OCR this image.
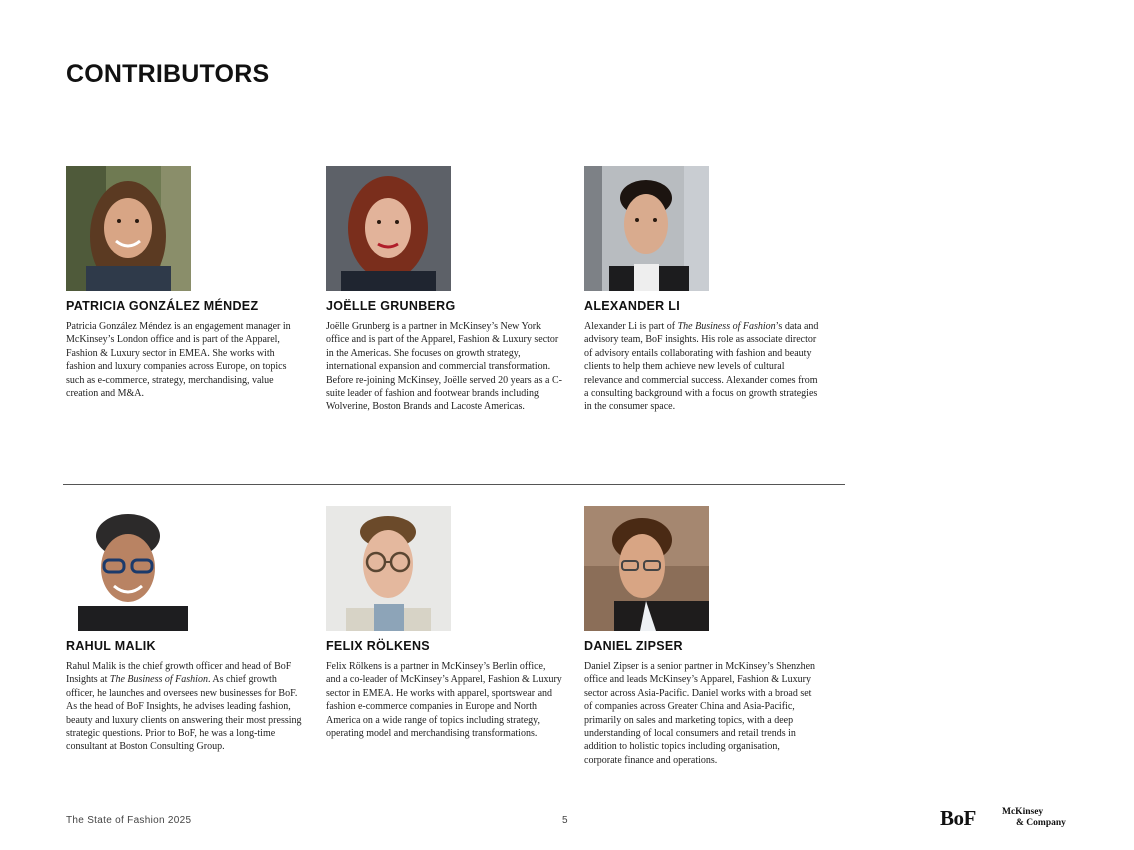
CONTRIBUTORS
PATRICIA GONZÁLEZ MÉNDEZ
Patricia González Méndez is an engagement manager in McKinsey’s London office and is part of the Apparel, Fashion & Luxury sector in EMEA. She works with fashion and luxury companies across Europe, on topics such as e-commerce, strategy, merchandising, value creation and M&A.
JOËLLE GRUNBERG
Joëlle Grunberg is a partner in McKinsey’s New York office and is part of the Apparel, Fashion & Luxury sector in the Americas. She focuses on growth strategy, international expansion and commercial transformation. Before re-joining McKinsey, Joëlle served 20 years as a C-suite leader of fashion and footwear brands including Wolverine, Boston Brands and Lacoste Americas.
ALEXANDER LI
Alexander Li is part of The Business of Fashion’s data and advisory team, BoF insights. His role as associate director of advisory entails collaborating with fashion and beauty clients to help them achieve new levels of cultural relevance and commercial success. Alexander comes from a consulting background with a focus on growth strategies in the consumer space.
RAHUL MALIK
Rahul Malik is the chief growth officer and head of BoF Insights at The Business of Fashion. As chief growth officer, he launches and oversees new businesses for BoF. As the head of BoF Insights, he advises leading fashion, beauty and luxury clients on answering their most pressing strategic questions. Prior to BoF, he was a long-time consultant at Boston Consulting Group.
FELIX RÖLKENS
Felix Rölkens is a partner in McKinsey’s Berlin office, and a co-leader of McKinsey’s Apparel, Fashion & Luxury sector in EMEA. He works with apparel, sportswear and fashion e-commerce companies in Europe and North America on a wide range of topics including strategy, operating model and merchandising transformations.
DANIEL ZIPSER
Daniel Zipser is a senior partner in McKinsey’s Shenzhen office and leads McKinsey’s Apparel, Fashion & Luxury sector across Asia-Pacific. Daniel works with a broad set of companies across Greater China and Asia-Pacific, primarily on sales and marketing topics, with a deep understanding of local consumers and retail trends in addition to holistic topics including organisation, corporate finance and operations.
The State of Fashion 2025	5	BoF	McKinsey
& Company
